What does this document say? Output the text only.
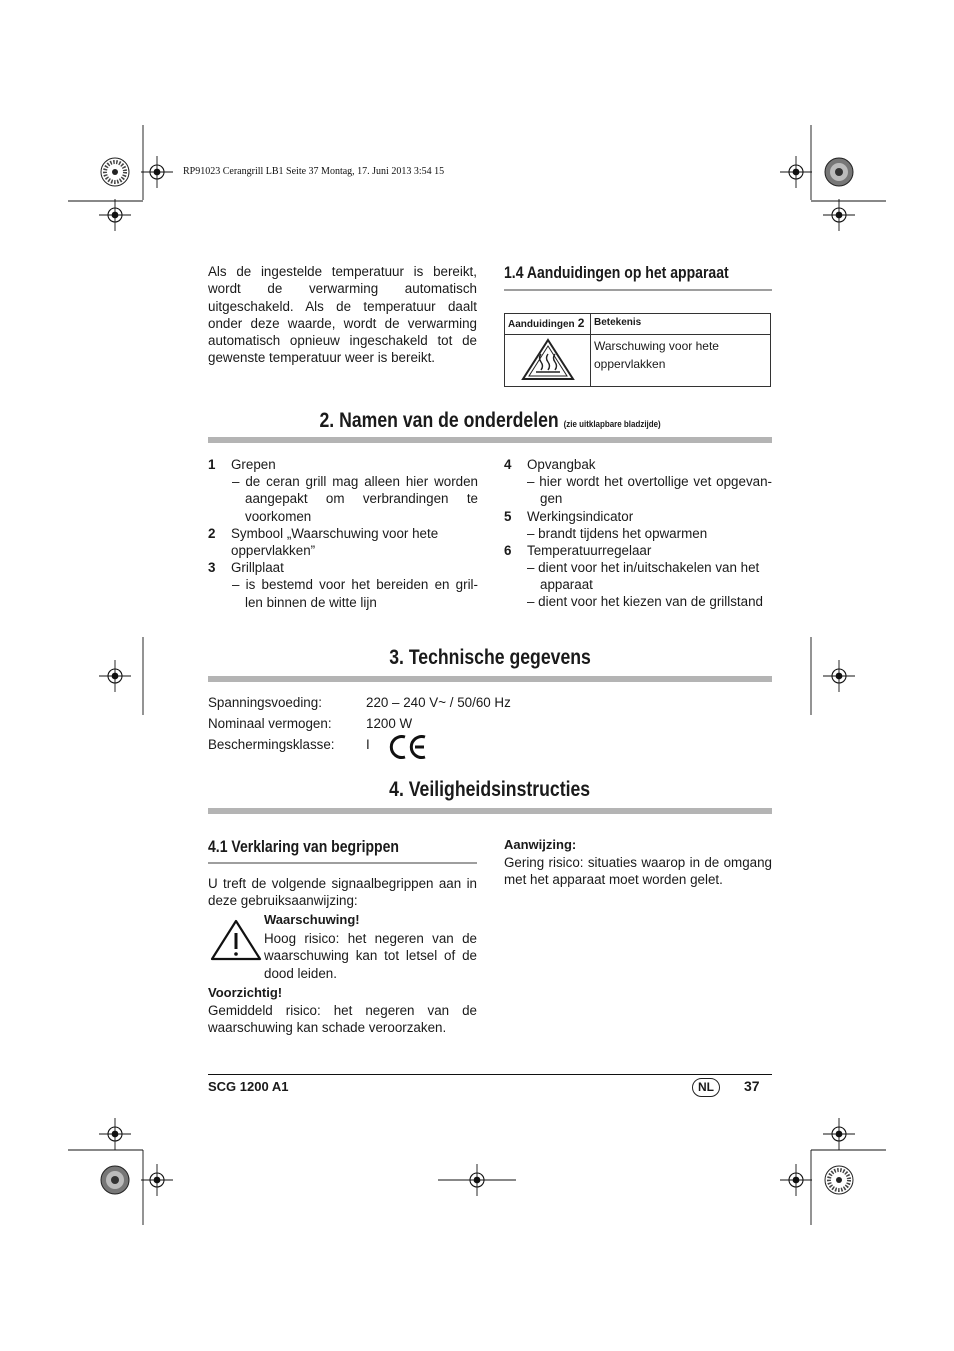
RP91023 Cerangrill LB1 Seite 37 Montag, 17. Juni 2013 3:54 15
Als de ingestelde temperatuur is bereikt, wordt de verwarming automatisch uitgeschakeld. Als de temperatuur daalt onder deze waarde, wordt de verwarming automatisch opnieuw ingeschakeld tot de gewenste temperatuur weer is bereikt.
1.4 Aanduidingen op het apparaat
Aanduidingen 2	Betekenis
	Warschuwing voor hete oppervlakken
2. Namen van de onderdelen (zie uitklapbare bladzijde)
1 Grepen
– de ceran grill mag alleen hier worden aangepakt om verbrandingen te voorkomen
2 Symbool „Waarschuwing voor hete oppervlakken”
3 Grillplaat
– is bestemd voor het bereiden en gril-len binnen de witte lijn
4 Opvangbak
– hier wordt het overtollige vet opgevan-gen
5 Werkingsindicator
– brandt tijdens het opwarmen
6 Temperatuurregelaar
– dient voor het in/uitschakelen van het apparaat
– dient voor het kiezen van de grillstand
3. Technische gegevens
Spanningsvoeding:	220 – 240 V~ / 50/60 Hz
Nominaal vermogen:	1200 W
Beschermingsklasse: I
4. Veiligheidsinstructies
4.1 Verklaring van begrippen
U treft de volgende signaalbegrippen aan in deze gebruiksaanwijzing:
Waarschuwing!
Hoog risico: het negeren van de waarschuwing kan tot letsel of de dood leiden.
Voorzichtig!
Gemiddeld risico: het negeren van de waarschuwing kan schade veroorzaken.
Aanwijzing:
Gering risico: situaties waarop in de omgang met het apparaat moet worden gelet.
SCG 1200 A1	NL	37
